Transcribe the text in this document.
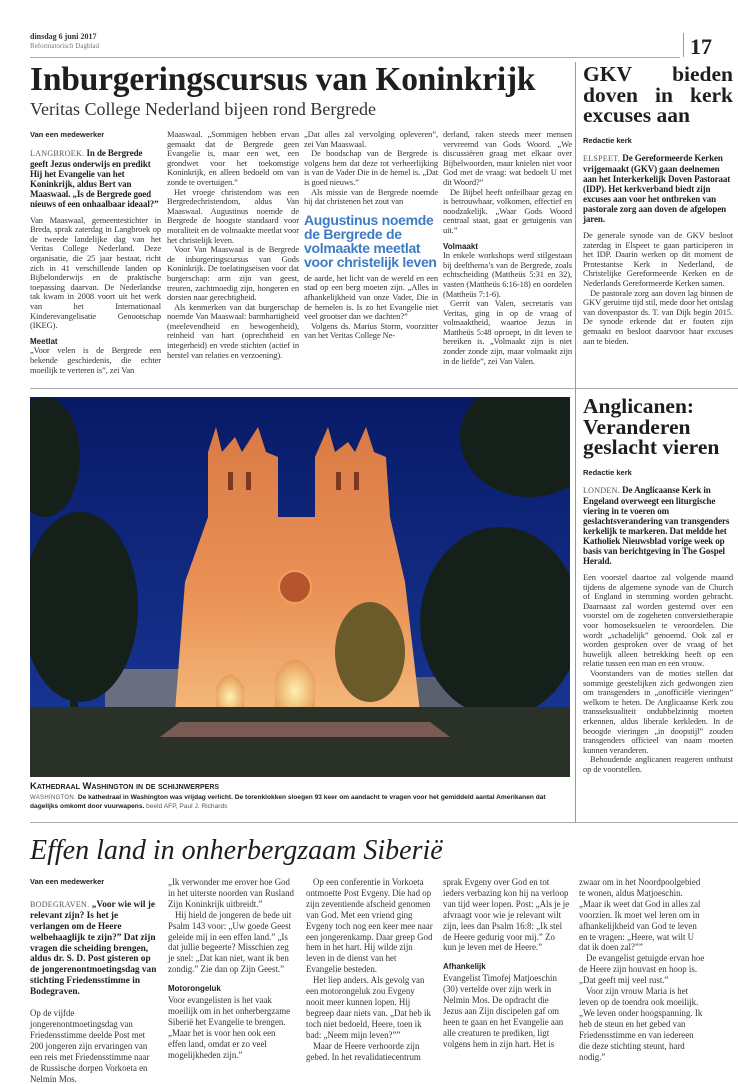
dinsdag 6 juni 2017
Reformatorisch Dagblad	17
Inburgeringscursus van Koninkrijk
Veritas College Nederland bijeen rond Bergrede
Van een medewerker

LANGBROEK. In de Bergrede geeft Jezus onderwijs en predikt Hij het Evangelie van het Koninkrijk, aldus Bert van Maaswaal. „Is de Bergrede goed nieuws of een onhaalbaar ideaal?”

Van Maaswaal, gemeentestichter in Breda, sprak zaterdag in Langbroek op de tweede landelijke dag van het Veritas College Nederland. Deze organisatie, die 25 jaar bestaat, richt zich in 41 verschillende landen op Bijbelonderwijs en de praktische toepassing daarvan. De Nederlandse tak kwam in 2008 voort uit het werk van het Internationaal Kinderevangelisatie Genootschap (IKEG).

Meetlat

„Voor velen is de Bergrede een bekende geschiedenis, die echter moeilijk te verteren is”, zei Van

Maaswaal. „Sommigen hebben ervan gemaakt dat de Bergrede geen Evangelie is, maar een wet, een grondwet voor het toekomstige Koninkrijk, en alleen bedoeld om van zonde te overtuigen.”

Het vroege christendom was een Bergredechristendom, aldus Van Maaswaal. Augustinus noemde de Bergrede de hoogste standaard voor moraliteit en de volmaakte meetlat voor het christelijk leven.

Voor Van Maaswaal is de Bergrede de inburgeringscursus van Gods Koninkrijk. De toelatingseisen voor dat burgerschap: arm zijn van geest, treuren, zachtmoedig zijn, hongeren en dorsten naar gerechtigheid.

Als kenmerken van dat burgerschap noemde Van Maaswaal: barmhartigheid (meelevendheid en bewogenheid), reinheid van hart (oprechtheid en integerheid) en vrede stichten (actief in herstel van relaties en verzoening).

„Dat alles zal vervolging opleveren”, zei Van Maaswaal.

De boodschap van de Bergrede is volgens hem dat deze tot verheerlijking is van de Vader Die in de hemel is. „Dat is goed nieuws.”

Als missie van de Bergrede noemde hij dat christenen het zout van

Augustinus noemde de Bergrede de volmaakte meetlat voor christelijk leven

de aarde, het licht van de wereld en een stad op een berg moeten zijn. „Alles in afhankelijkheid van onze Vader, Die in de hemelen is. Is zo het Evangelie niet veel grootser dan we dachten?”

Volgens ds. Marius Storm, voorzitter van het Veritas College Ne-

derland, raken steeds meer mensen vervreemd van Gods Woord. „We discussiëren graag met elkaar over Bijbelwoorden, maar knielen niet voor God met de vraag: wat bedoelt U met dit Woord?”

De Bijbel heeft onfeilbaar gezag en is betrouwbaar, volkomen, effectief en noodzakelijk. „Waar Gods Woord centraal staat, gaat er getuigenis van uit.”

Volmaakt

In enkele workshops werd stilgestaan bij deelthema’s van de Bergrede, zoals echtscheiding (Mattheüs 5:31 en 32), vasten (Mattheüs 6:16-18) en oordelen (Mattheüs 7:1-6).

Gerrit van Valen, secretaris van Veritas, ging in op de vraag of volmaaktheid, waartoe Jezus in Mattheüs 5:48 oproept, in dit leven te bereiken is. „Volmaakt zijn is niet zonder zonde zijn, maar volmaakt zijn in de liefde”, zei Van Valen.

GKV bieden doven in kerk excuses aan
Redactie kerk

ELSPEET. De Gereformeerde Kerken vrijgemaakt (GKV) gaan deelnemen aan het Interkerkelijk Doven Pastoraat (IDP). Het kerkverband biedt zijn excuses aan voor het ontbreken van pastorale zorg aan doven de afgelopen jaren.

De generale synode van de GKV besloot zaterdag in Elspeet te gaan participeren in het IDP. Daarin werken op dit moment de Protestantse Kerk in Nederland, de Christelijke Gereformeerde Kerken en de Nederlands Gereformeerde Kerken samen.

De pastorale zorg aan doven lag binnen de GKV geruime tijd stil, mede door het ontslag van dovenpastor ds. T. van Dijk begin 2015. De synode erkende dat er fouten zijn gemaakt en besloot daarvoor haar excuses aan te bieden.

Anglicanen: Veranderen geslacht vieren
Redactie kerk

LONDEN. De Anglicaanse Kerk in Engeland overweegt een liturgische viering in te voeren om geslachtsverandering van transgenders kerkelijk te markeren. Dat meldde het Katholiek Nieuwsblad vorige week op basis van berichtgeving in The Gospel Herald.

Een voorstel daartoe zal volgende maand tijdens de algemene synode van de Church of England in stemming worden gebracht. Daarnaast zal worden gestemd over een voorstel om de zogeheten conversietherapie voor homoseksuelen te veroordelen. Die wordt „schadelijk” genoemd. Ook zal er worden gesproken over de vraag of het huwelijk alleen betrekking heeft op een relatie tussen een man en een vrouw.

Voorstanders van de moties stellen dat sommige geestelijken zich gedwongen zien om transgenders in „onofficiële vieringen” welkom te heten. De Anglicaanse Kerk zou transseksualiteit ondubbelzinnig moeten erkennen, aldus liberale kerkleden. In de beoogde vieringen „in doopstijl” zouden transgenders officieel van naam moeten kunnen veranderen.

Behoudende anglicanen reageren onthutst op de voorstellen.

Kathedraal Washington in de schijnwerpers
WASHINGTON. De kathedraal in Washington was vrijdag verlicht. De torenklokken sloegen 93 keer om aandacht te vragen voor het gemiddeld aantal Amerikanen dat dagelijks omkomt door vuurwapens. beeld AFP, Paul J. Richards
Effen land in onherbergzaam Siberië
Van een medewerker

BODEGRAVEN. „Voor wie wil je relevant zijn? Is het je verlangen om de Heere welbehaaglijk te zijn?” Dat zijn vragen die scheiding brengen, aldus dr. S. D. Post gisteren op de jongerenontmoetingsdag van stichting Friedensstimme in Bodegraven.

Op de vijfde jongerenontmoetingsdag van Friedensstimme deelde Post met 200 jongeren zijn ervaringen van een reis met Friedensstimme naar de Russische dorpen Vorkoeta en Nelmin Mos.

„Ik verwonder me erover hoe God in het uiterste noorden van Rusland Zijn Koninkrijk uitbreidt.”

Hij hield de jongeren de bede uit Psalm 143 voor: „Uw goede Geest geleide mij in een effen land.” „Is dat jullie begeerte? Misschien zeg je snel: „Dat kan niet, want ik ben zondig.” Zie dan op Zijn Geest.”

Motorongeluk

Voor evangelisten is het vaak moeilijk om in het onherbergzame Siberië het Evangelie te brengen. „Maar het is voor hen ook een effen land, omdat er zo veel mogelijkheden zijn.”

Op een conferentie in Vorkoeta ontmoette Post Evgeny. Die had op zijn zeventiende afscheid genomen van God. Met een vriend ging Evgeny toch nog een keer mee naar een jongerenkamp. Daar greep God hem in het hart. Hij wilde zijn leven in de dienst van het Evangelie besteden.

Het liep anders. Als gevolg van een motorongeluk zou Evgeny nooit meer kunnen lopen. Hij begreep daar niets van. „Dat heb ik toch niet bedoeld, Heere, toen ik bad: „Neem mijn leven?””

Maar de Heere verhoorde zijn gebed. In het revalidatiecentrum

sprak Evgeny over God en tot ieders verbazing kon hij na verloop van tijd weer lopen. Post: „Als je je afvraagt voor wie je relevant wilt zijn, lees dan Psalm 16:8: „Ik stel de Heere gedurig voor mij.” Zo kun je leven met de Heere.”

Afhankelijk

Evangelist Timofej Matjoeschin (30) vertelde over zijn werk in Nelmin Mos. De opdracht die Jezus aan Zijn discipelen gaf om heen te gaan en het Evangelie aan alle creaturen te prediken, ligt volgens hem in zijn hart. Het is

zwaar om in het Noordpoolgebied te wonen, aldus Matjoeschin. „Maar ik weet dat God in alles zal voorzien. Ik moet wel leren om in afhankelijkheid van God te leven en te vragen: „Heere, wat wilt U dat ik doen zal?””

De evangelist getuigde ervan hoe de Heere zijn houvast en hoop is. „Dat geeft mij veel rust.”

Voor zijn vrouw Maria is het leven op de toendra ook moeilijk. „We leven onder hoogspanning. Ik heb de steun en het gebed van Friedensstimme en van iedereen die deze stichting steunt, hard nodig.”
